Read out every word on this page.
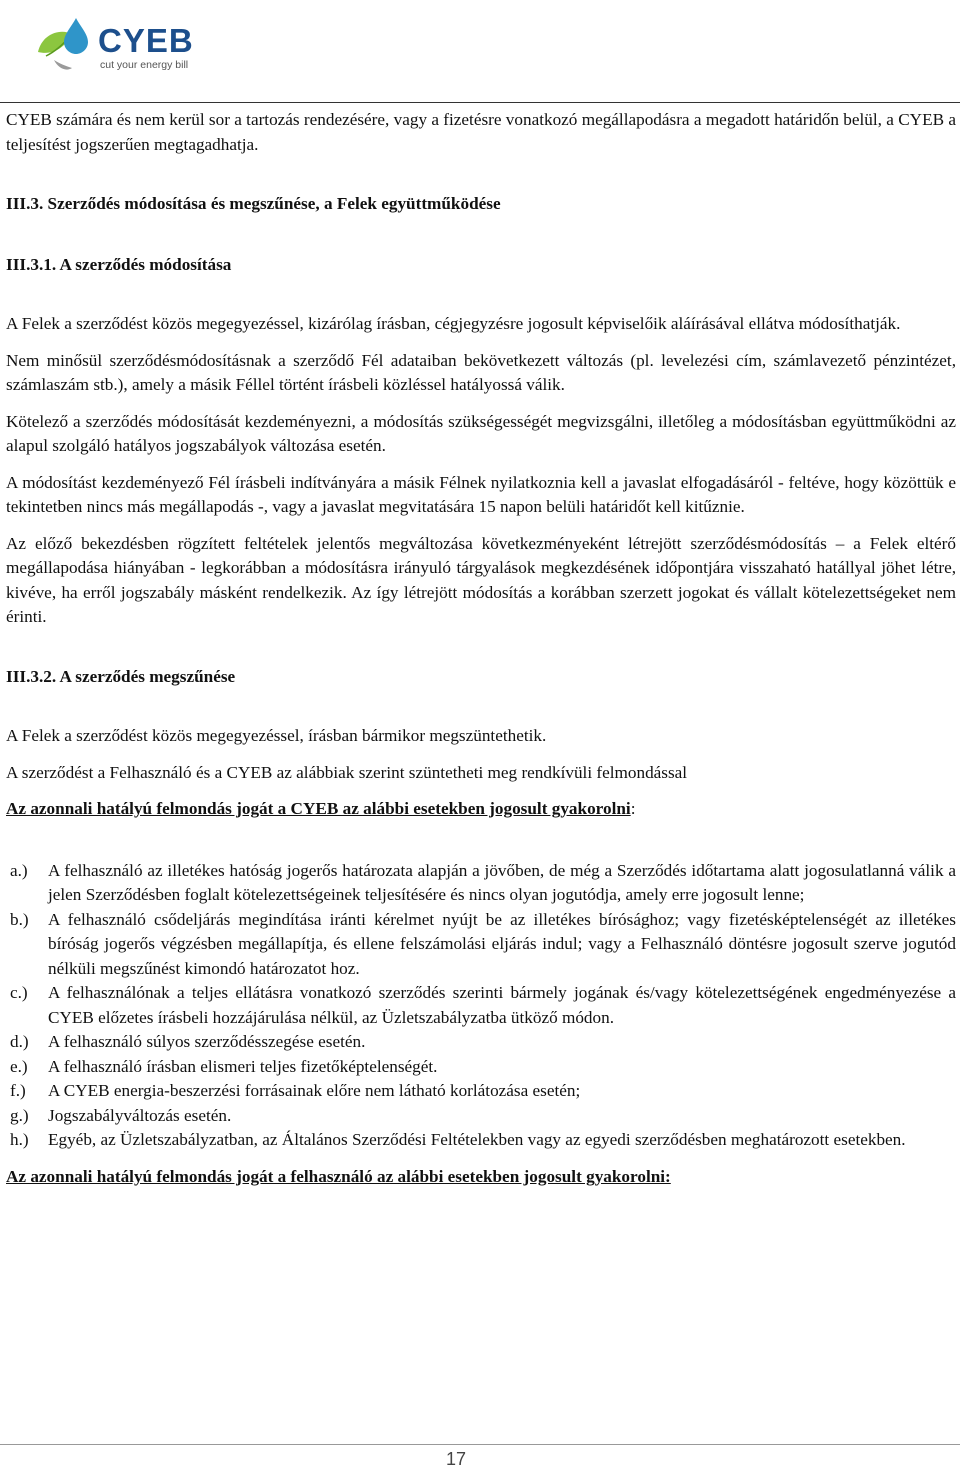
CYEB
cut your energy bill

CYEB számára és nem kerül sor a tartozás rendezésére, vagy a fizetésre vonatkozó megállapodásra a megadott határidőn belül, a CYEB a teljesítést jogszerűen megtagadhatja.

III.3. Szerződés módosítása és megszűnése, a Felek együttműködése

III.3.1. A szerződés módosítása

A Felek a szerződést közös megegyezéssel, kizárólag írásban, cégjegyzésre jogosult képviselőik aláírásával ellátva módosíthatják.

Nem minősül szerződésmódosításnak a szerződő Fél adataiban bekövetkezett változás (pl. levelezési cím, számlavezető pénzintézet, számlaszám stb.), amely a másik Féllel történt írásbeli közléssel hatályossá válik.

Kötelező a szerződés módosítását kezdeményezni, a módosítás szükségességét megvizsgálni, illetőleg a módosításban együttműködni az alapul szolgáló hatályos jogszabályok változása esetén.

A módosítást kezdeményező Fél írásbeli indítványára a másik Félnek nyilatkoznia kell a javaslat elfogadásáról - feltéve, hogy közöttük e tekintetben nincs más megállapodás -, vagy a javaslat megvitatására 15 napon belüli határidőt kell kitűznie.

Az előző bekezdésben rögzített feltételek jelentős megváltozása következményeként létrejött szerződésmódosítás – a Felek eltérő megállapodása hiányában - legkorábban a módosításra irányuló tárgyalások megkezdésének időpontjára visszaható hatállyal jöhet létre, kivéve, ha erről jogszabály másként rendelkezik. Az így létrejött módosítás a korábban szerzett jogokat és vállalt kötelezettségeket nem érinti.

III.3.2. A szerződés megszűnése

A Felek a szerződést közös megegyezéssel, írásban bármikor megszüntethetik.

A szerződést a Felhasználó és a CYEB az alábbiak szerint szüntetheti meg rendkívüli felmondással

Az azonnali hatályú felmondás jogát a CYEB az alábbi esetekben jogosult gyakorolni:

a.) A felhasználó az illetékes hatóság jogerős határozata alapján a jövőben, de még a Szerződés időtartama alatt jogosulatlanná válik a jelen Szerződésben foglalt kötelezettségeinek teljesítésére és nincs olyan jogutódja, amely erre jogosult lenne;
b.) A felhasználó csődeljárás megindítása iránti kérelmet nyújt be az illetékes bírósághoz; vagy fizetésképtelenségét az illetékes bíróság jogerős végzésben megállapítja, és ellene felszámolási eljárás indul; vagy a Felhasználó döntésre jogosult szerve jogutód nélküli megszűnést kimondó határozatot hoz.
c.) A felhasználónak a teljes ellátásra vonatkozó szerződés szerinti bármely jogának és/vagy kötelezettségének engedményezése a CYEB előzetes írásbeli hozzájárulása nélkül, az Üzletszabályzatba ütköző módon.
d.) A felhasználó súlyos szerződésszegése esetén.
e.) A felhasználó írásban elismeri teljes fizetőképtelenségét.
f.) A CYEB energia-beszerzési forrásainak előre nem látható korlátozása esetén;
g.) Jogszabályváltozás esetén.
h.) Egyéb, az Üzletszabályzatban, az Általános Szerződési Feltételekben vagy az egyedi szerződésben meghatározott esetekben.

Az azonnali hatályú felmondás jogát a felhasználó az alábbi esetekben jogosult gyakorolni:

17
